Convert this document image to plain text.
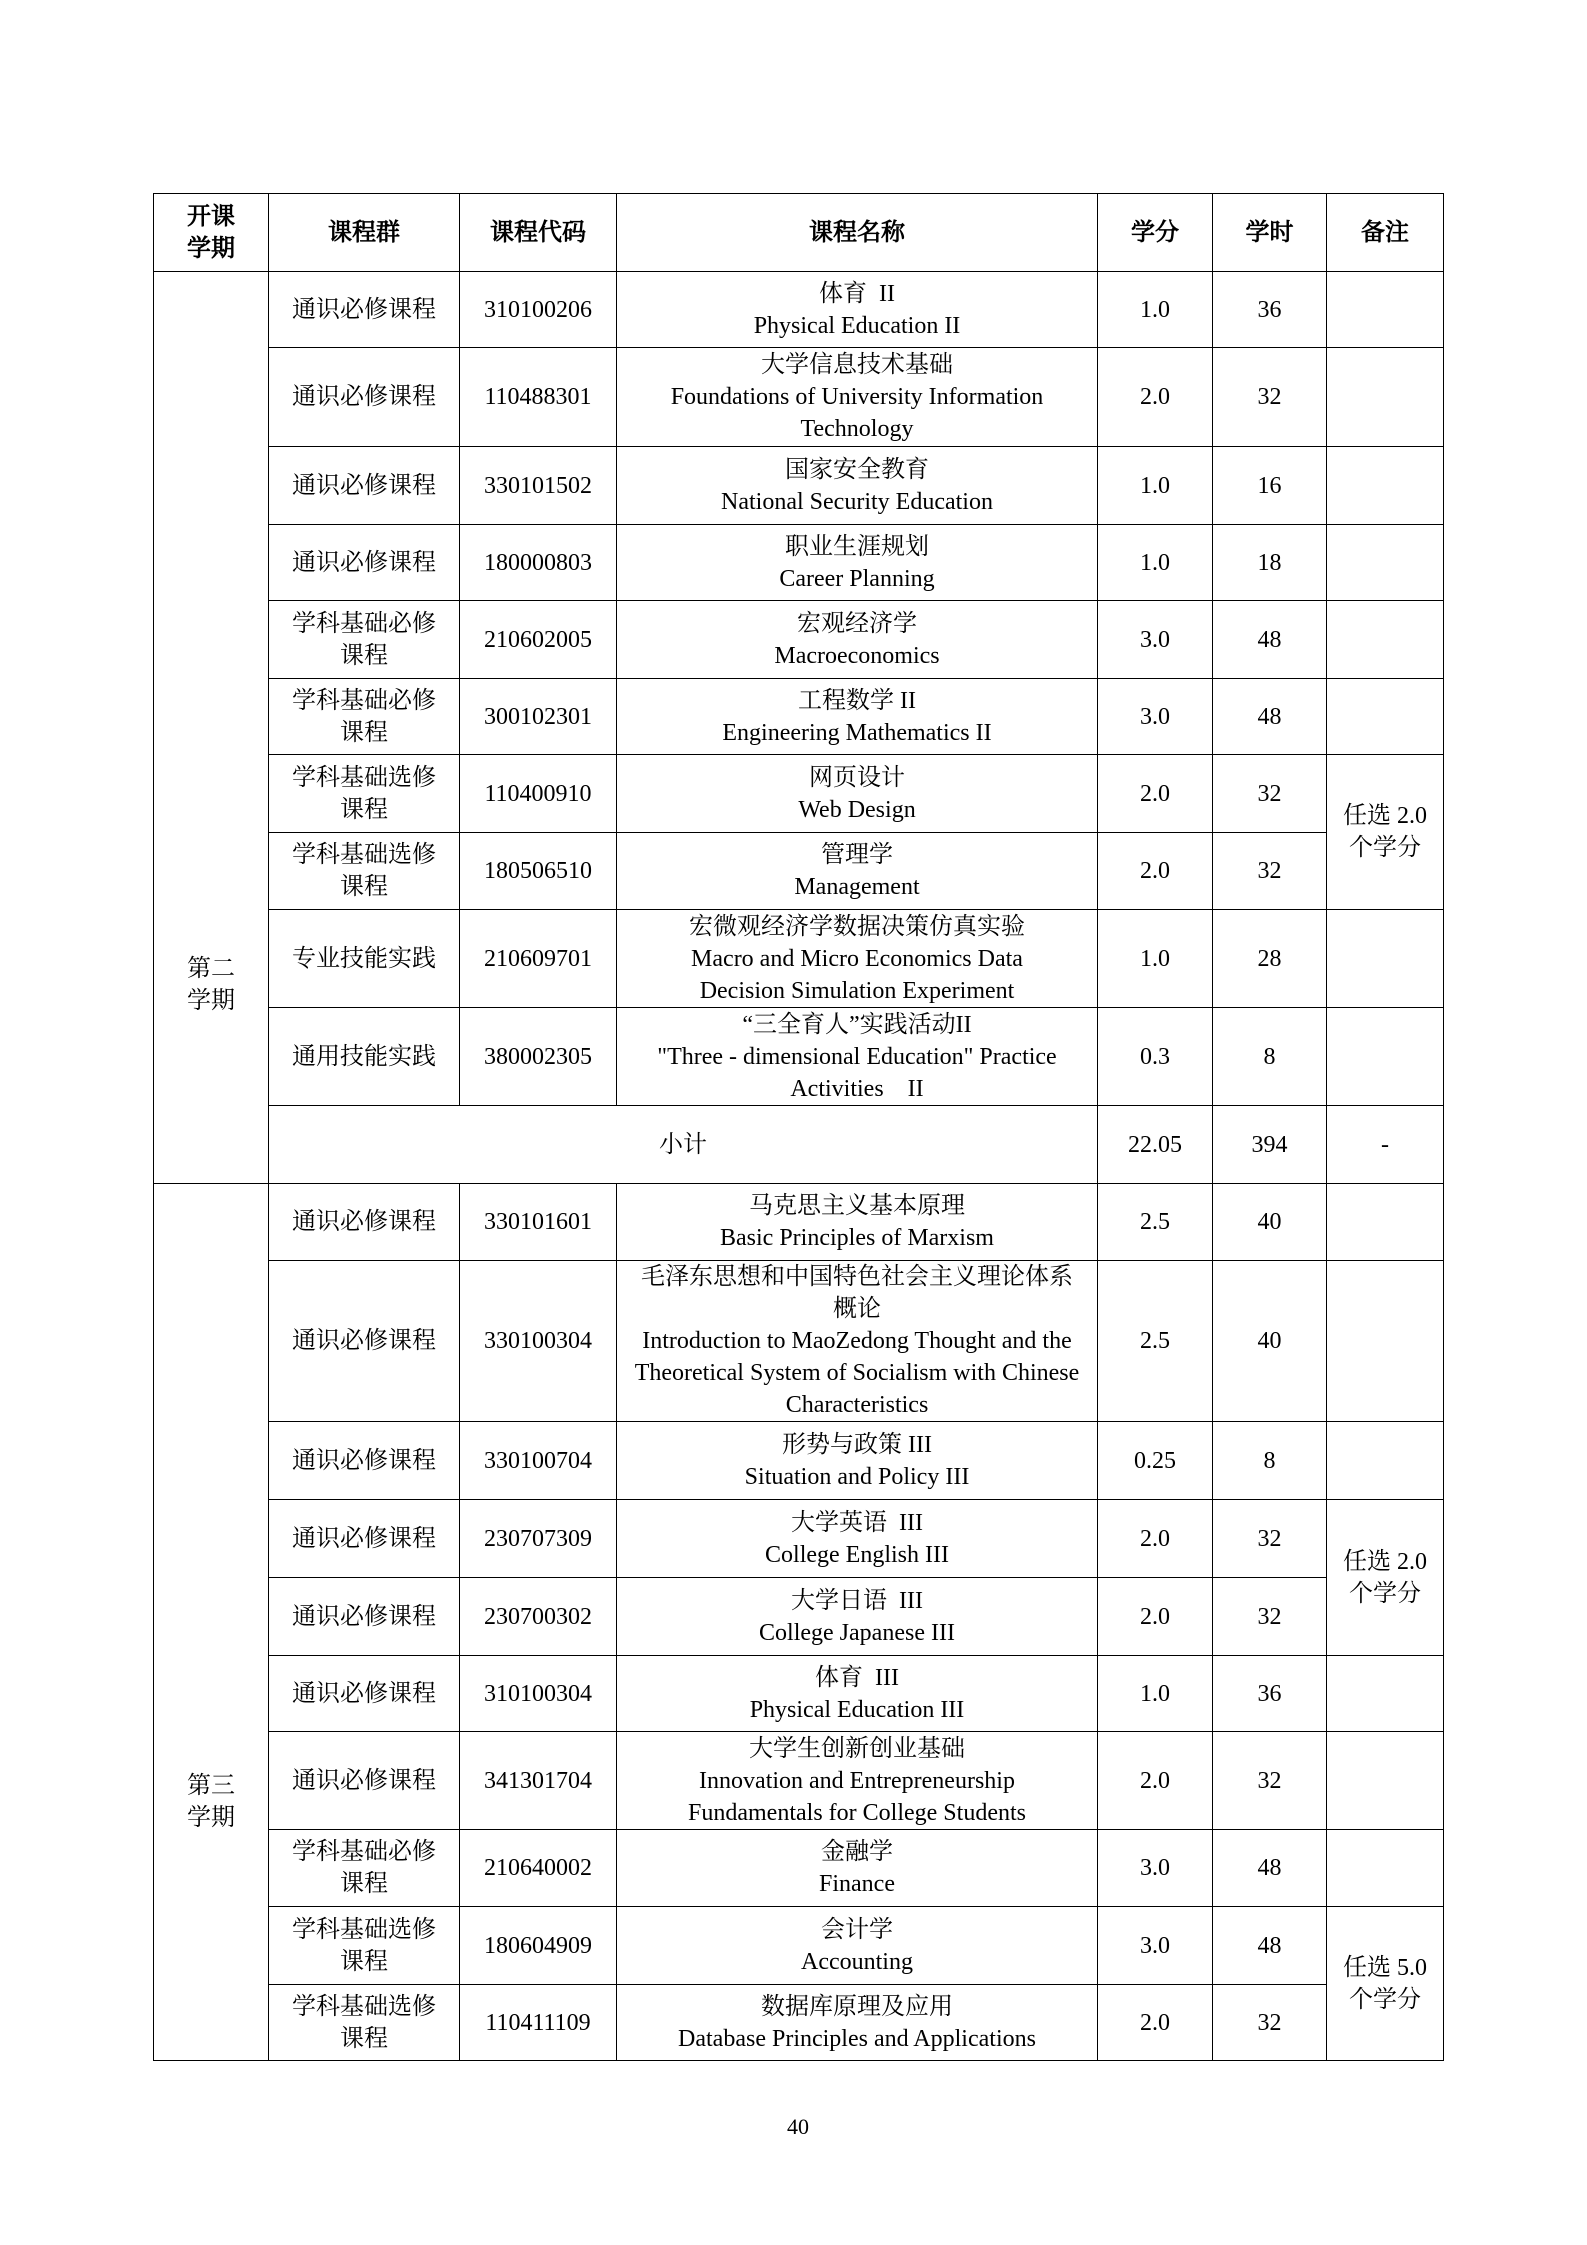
开课
学期	课程群	课程代码	课程名称	学分	学时	备注
第二
学期	通识必修课程	310100206	体育  II
Physical Education II	1.0	36	
	通识必修课程	110488301	大学信息技术基础
Foundations of University Information
Technology	2.0	32	
	通识必修课程	330101502	国家安全教育
National Security Education	1.0	16	
	通识必修课程	180000803	职业生涯规划
Career Planning	1.0	18	
	学科基础必修
课程	210602005	宏观经济学
Macroeconomics	3.0	48	
	学科基础必修
课程	300102301	工程数学 II
Engineering Mathematics II	3.0	48	
	学科基础选修
课程	110400910	网页设计
Web Design	2.0	32	任选 2.0
个学分
	学科基础选修
课程	180506510	管理学
Management	2.0	32	
	专业技能实践	210609701	宏微观经济学数据决策仿真实验
Macro and Micro Economics Data
Decision Simulation Experiment	1.0	28	
	通用技能实践	380002305	“三全育人”实践活动II
"Three - dimensional Education" Practice
Activities    II	0.3	8	
	小计			22.05	394	-
第三
学期	通识必修课程	330101601	马克思主义基本原理
Basic Principles of Marxism	2.5	40	
	通识必修课程	330100304	毛泽东思想和中国特色社会主义理论体系
概论
Introduction to MaoZedong Thought and the
Theoretical System of Socialism with Chinese
Characteristics	2.5	40	
	通识必修课程	330100704	形势与政策 III
Situation and Policy III	0.25	8	
	通识必修课程	230707309	大学英语  III
College English III	2.0	32	任选 2.0
个学分
	通识必修课程	230700302	大学日语  III
College Japanese III	2.0	32	
	通识必修课程	310100304	体育  III
Physical Education III	1.0	36	
	通识必修课程	341301704	大学生创新创业基础
Innovation and Entrepreneurship
Fundamentals for College Students	2.0	32	
	学科基础必修
课程	210640002	金融学
Finance	3.0	48	
	学科基础选修
课程	180604909	会计学
Accounting	3.0	48	任选 5.0
个学分
	学科基础选修
课程	110411109	数据库原理及应用
Database Principles and Applications	2.0	32	
40
